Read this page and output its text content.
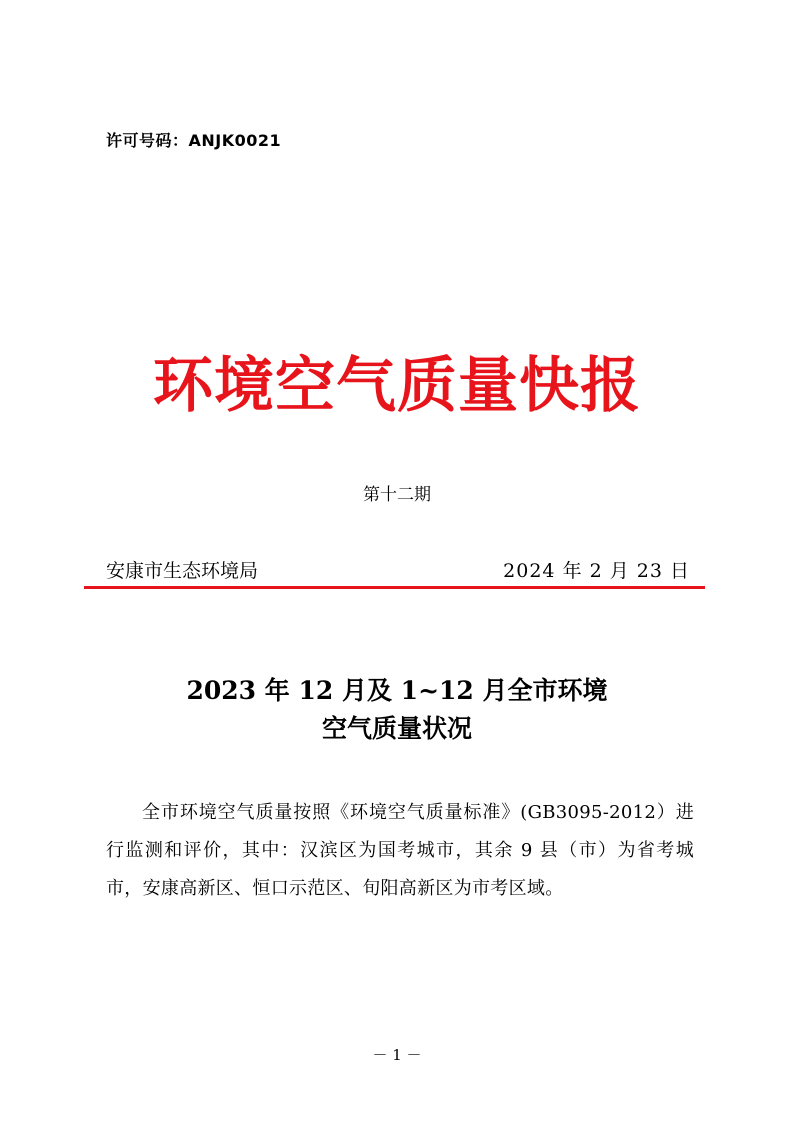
许可号码：ANJK0021
环境空气质量快报
第十二期
安康市生态环境局	2024 年 2 月 23 日
2023 年 12 月及 1~12 月全市环境
空气质量状况
全市环境空气质量按照《环境空气质量标准》(GB3095-2012）进行监测和评价，其中：汉滨区为国考城市，其余 9 县（市）为省考城市，安康高新区、恒口示范区、旬阳高新区为市考区域。
－ 1 －
